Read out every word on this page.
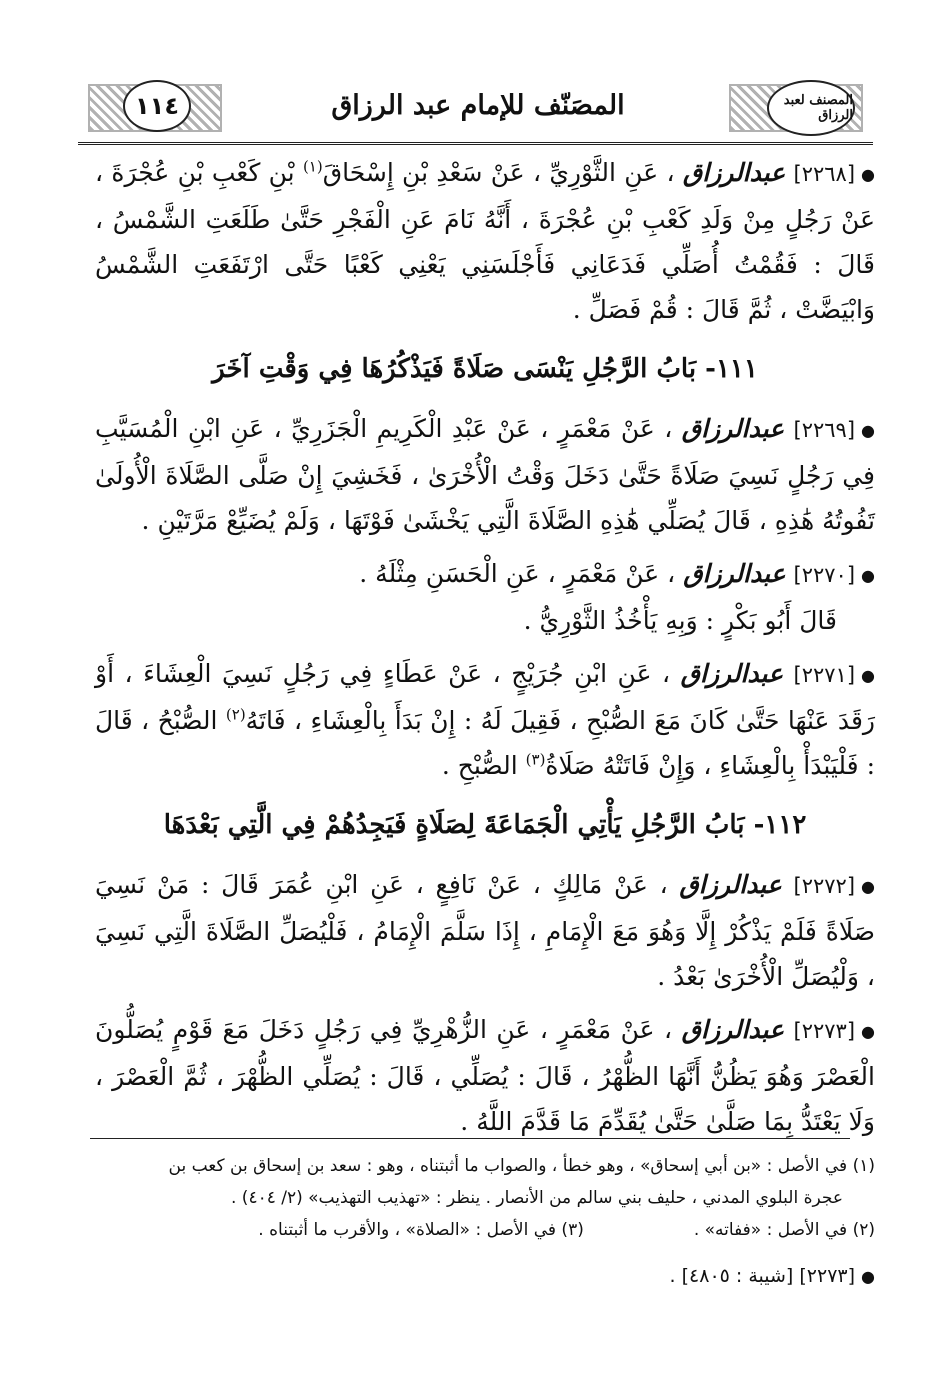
١١٤	المصَنّف للإمام عبد الرزاق	المصنف لعبد الرزاق

●[٢٢٦٨] عبدالرزاق ، عَنِ الثَّوْرِيِّ ، عَنْ سَعْدِ بْنِ إِسْحَاقَ$^{(١)}$ بْنِ كَعْبِ بْنِ عُجْرَةَ ، عَنْ رَجُلٍ مِنْ وَلَدِ كَعْبِ بْنِ عُجْرَةَ ، أَنَّهُ نَامَ عَنِ الْفَجْرِ حَتَّىٰ طَلَعَتِ الشَّمْسُ ، قَالَ : فَقُمْتُ أُصَلِّي فَدَعَانِي فَأَجْلَسَنِي يَعْنِي كَعْبًا حَتَّى ارْتَفَعَتِ الشَّمْسُ وَابْيَضَّتْ ، ثُمَّ قَالَ : قُمْ فَصَلِّ .

١١١- بَابُ الرَّجُلِ يَنْسَى صَلَاةً فَيَذْكُرُهَا فِي وَقْتِ آخَرَ

●[٢٢٦٩] عبدالرزاق ، عَنْ مَعْمَرٍ ، عَنْ عَبْدِ الْكَرِيمِ الْجَزَرِيِّ ، عَنِ ابْنِ الْمُسَيَّبِ فِي رَجُلٍ نَسِيَ صَلَاةً حَتَّىٰ دَخَلَ وَقْتُ الْأُخْرَىٰ ، فَخَشِيَ إِنْ صَلَّى الصَّلَاةَ الْأُولَىٰ تَفُوتُهُ هَٰذِهِ ، قَالَ يُصَلِّي هَٰذِهِ الصَّلَاةَ الَّتِي يَخْشَىٰ فَوْتَهَا ، وَلَمْ يُضَيِّعْ مَرَّتَيْنِ .

●[٢٢٧٠] عبدالرزاق ، عَنْ مَعْمَرٍ ، عَنِ الْحَسَنِ مِثْلَهُ .

قَالَ أَبُو بَكْرٍ : وَبِهِ يَأْخُذُ الثَّوْرِيُّ .

●[٢٢٧١] عبدالرزاق ، عَنِ ابْنِ جُرَيْجٍ ، عَنْ عَطَاءٍ فِي رَجُلٍ نَسِيَ الْعِشَاءَ ، أَوْ رَقَدَ عَنْهَا حَتَّىٰ كَانَ مَعَ الصُّبْحِ ، فَقِيلَ لَهُ : إِنْ بَدَأَ بِالْعِشَاءِ ، فَاتَهُ$^{(٢)}$ الصُّبْحُ ، قَالَ : فَلْيَبْدَأْ بِالْعِشَاءِ ، وَإِنْ فَاتَتْهُ صَلَاةُ$^{(٣)}$ الصُّبْحِ .

١١٢- بَابُ الرَّجُلِ يَأْتِي الْجَمَاعَةَ لِصَلَاةٍ فَيَجِدُهُمْ فِي الَّتِي بَعْدَهَا

●[٢٢٧٢] عبدالرزاق ، عَنْ مَالِكٍ ، عَنْ نَافِعٍ ، عَنِ ابْنِ عُمَرَ قَالَ : مَنْ نَسِيَ صَلَاةً فَلَمْ يَذْكُرْ إِلَّا وَهُوَ مَعَ الْإِمَامِ ، إِذَا سَلَّمَ الْإِمَامُ ، فَلْيُصَلِّ الصَّلَاةَ الَّتِي نَسِيَ ، وَلْيُصَلِّ الْأُخْرَىٰ بَعْدُ .

●[٢٢٧٣] عبدالرزاق ، عَنْ مَعْمَرٍ ، عَنِ الزُّهْرِيِّ فِي رَجُلٍ دَخَلَ مَعَ قَوْمٍ يُصَلُّونَ الْعَصْرَ وَهُوَ يَظُنُّ أَنَّهَا الظُّهْرُ ، قَالَ : يُصَلِّي ، قَالَ : يُصَلِّي الظُّهْرَ ، ثُمَّ الْعَصْرَ ، وَلَا يَعْتَدُّ بِمَا صَلَّىٰ حَتَّىٰ يُقَدِّمَ مَا قَدَّمَ اللَّهُ .

(١) في الأصل : «بن أبي إسحاق» ، وهو خطأ ، والصواب ما أثبتناه ، وهو : سعد بن إسحاق بن كعب بن
عجرة البلوي المدني ، حليف بني سالم من الأنصار . ينظر : «تهذيب التهذيب» (٢/ ٤٠٤) .
(٢) في الأصل : «ففاته» .
(٣) في الأصل : «الصلاة» ، والأقرب ما أثبتناه .
●[٢٢٧٣] [شيبة : ٤٨٠٥] .
